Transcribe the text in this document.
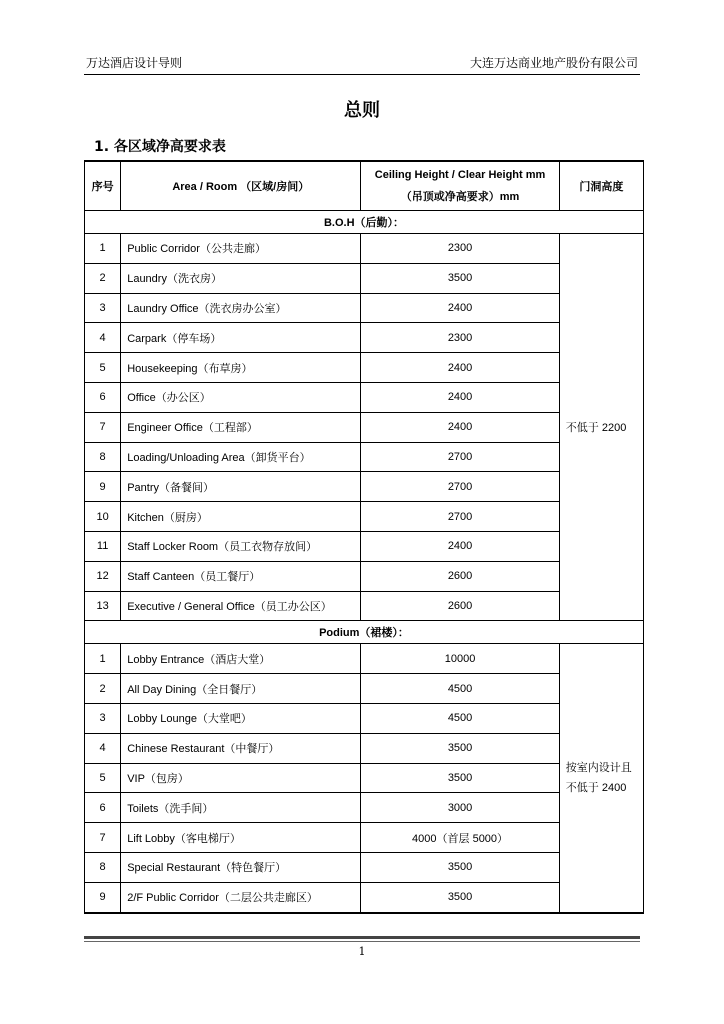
万达酒店设计导则	大连万达商业地产股份有限公司
总则
1. 各区域净高要求表
序号	Area / Room （区域/房间）	Ceiling Height / Clear Height mm
（吊顶或净高要求）mm	门洞高度
B.O.H（后勤）：			
1	Public Corridor（公共走廊）	2300	不低于 2200
2	Laundry（洗衣房）	3500	
3	Laundry Office（洗衣房办公室）	2400	
4	Carpark（停车场）	2300	
5	Housekeeping（布草房）	2400	
6	Office（办公区）	2400	
7	Engineer Office（工程部）	2400	
8	Loading/Unloading Area（卸货平台）	2700	
9	Pantry（备餐间）	2700	
10	Kitchen（厨房）	2700	
11	Staff Locker Room（员工衣物存放间）	2400	
12	Staff Canteen（员工餐厅）	2600	
13	Executive / General Office（员工办公区）	2600	
Podium（裙楼）：			
1	Lobby Entrance（酒店大堂）	10000	按室内设计且
不低于 2400

2	All Day Dining（全日餐厅）	4500	
3	Lobby Lounge（大堂吧）	4500	
4	Chinese Restaurant（中餐厅）	3500	
5	VIP（包房）	3500	
6	Toilets（洗手间）	3000	
7	Lift Lobby（客电梯厅）	4000（首层 5000）	
8	Special Restaurant（特色餐厅）	3500	
9	2/F Public Corridor（二层公共走廊区）	3500	
1
